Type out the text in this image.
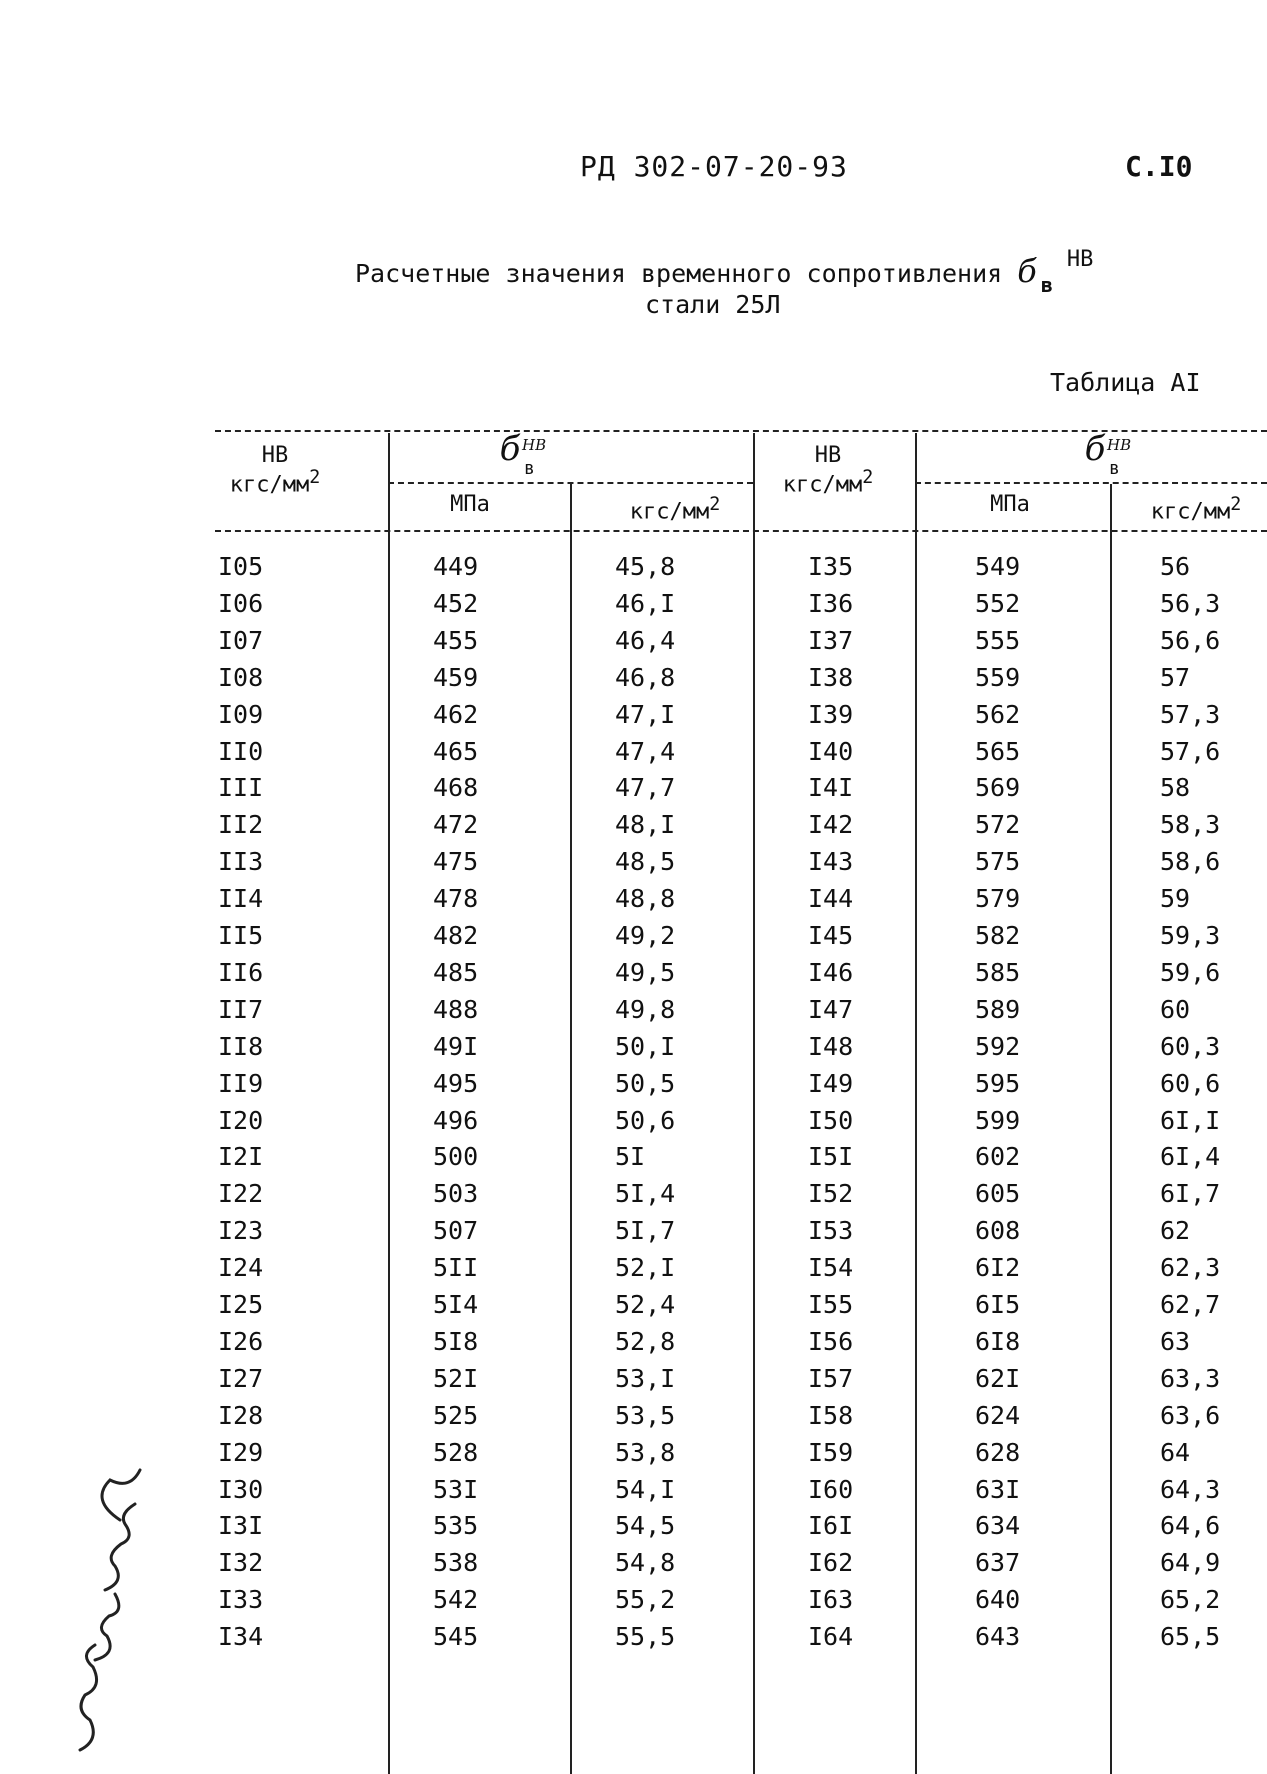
РД 302-07-20-93	С.I0
Расчетные значения временного сопротивления б $_в$НВ
стали 25Л
Таблица АI
НВ
кгс/$мм^2$
б НВ
в
МПа	кгс/$мм^2$
НВ
кгс/$мм^2$
б НВ
в
МПа	кгс/$мм^2$
I05	449	45,8	I35	549	56
I06	452	46,I	I36	552	56,3
I07	455	46,4	I37	555	56,6
I08	459	46,8	I38	559	57
I09	462	47,I	I39	562	57,3
II0	465	47,4	I40	565	57,6
III	468	47,7	I4I	569	58
II2	472	48,I	I42	572	58,3
II3	475	48,5	I43	575	58,6
II4	478	48,8	I44	579	59
II5	482	49,2	I45	582	59,3
II6	485	49,5	I46	585	59,6
II7	488	49,8	I47	589	60
II8	49I	50,I	I48	592	60,3
II9	495	50,5	I49	595	60,6
I20	496	50,6	I50	599	6I,I
I2I	500	5I	I5I	602	6I,4
I22	503	5I,4	I52	605	6I,7
I23	507	5I,7	I53	608	62
I24	5II	52,I	I54	6I2	62,3
I25	5I4	52,4	I55	6I5	62,7
I26	5I8	52,8	I56	6I8	63
I27	52I	53,I	I57	62I	63,3
I28	525	53,5	I58	624	63,6
I29	528	53,8	I59	628	64
I30	53I	54,I	I60	63I	64,3
I3I	535	54,5	I6I	634	64,6
I32	538	54,8	I62	637	64,9
I33	542	55,2	I63	640	65,2
I34	545	55,5	I64	643	65,5
